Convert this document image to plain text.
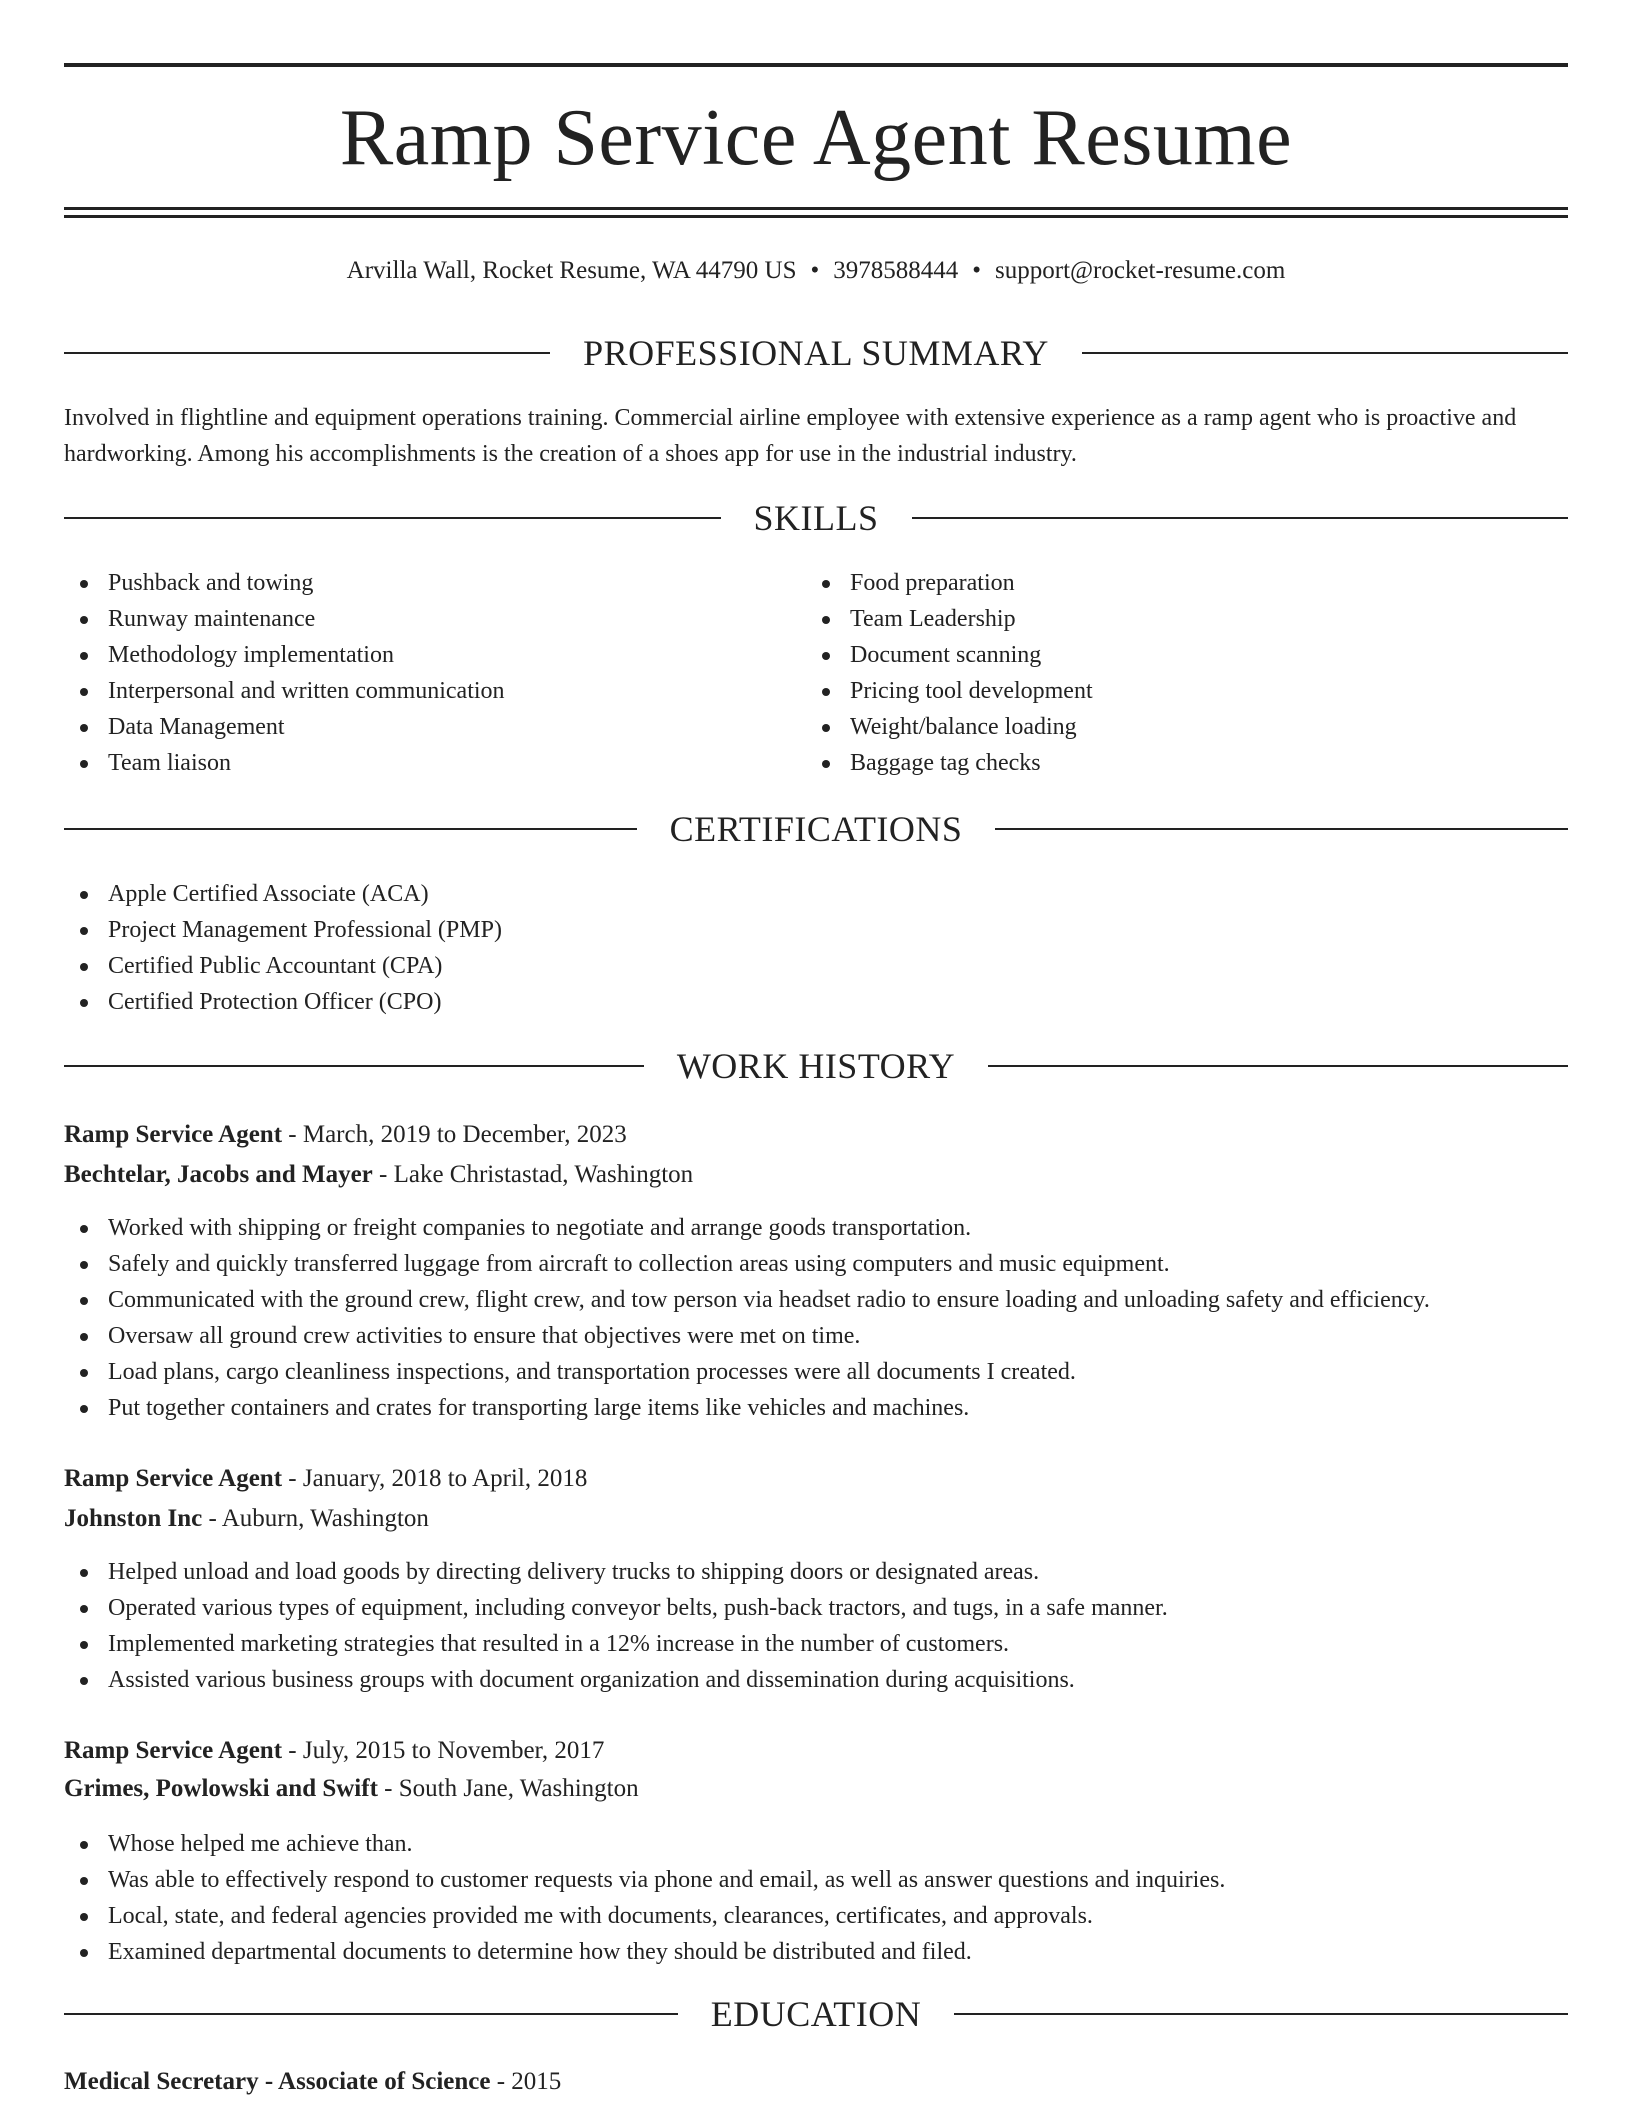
Ramp Service Agent Resume
Arvilla Wall, Rocket Resume, WA 44790 US • 3978588444 • support@rocket-resume.com
PROFESSIONAL SUMMARY

Involved in flightline and equipment operations training. Commercial airline employee with extensive experience as a ramp agent who is proactive and hardworking. Among his accomplishments is the creation of a shoes app for use in the industrial industry.

SKILLS
Pushback and towing
Runway maintenance
Methodology implementation
Interpersonal and written communication
Data Management
Team liaison
Food preparation
Team Leadership
Document scanning
Pricing tool development
Weight/balance loading
Baggage tag checks
CERTIFICATIONS
Apple Certified Associate (ACA)
Project Management Professional (PMP)
Certified Public Accountant (CPA)
Certified Protection Officer (CPO)
WORK HISTORY
Ramp Service Agent - March, 2019 to December, 2023
Bechtelar, Jacobs and Mayer - Lake Christastad, Washington
Worked with shipping or freight companies to negotiate and arrange goods transportation.
Safely and quickly transferred luggage from aircraft to collection areas using computers and music equipment.
Communicated with the ground crew, flight crew, and tow person via headset radio to ensure loading and unloading safety and efficiency.
Oversaw all ground crew activities to ensure that objectives were met on time.
Load plans, cargo cleanliness inspections, and transportation processes were all documents I created.
Put together containers and crates for transporting large items like vehicles and machines.
Ramp Service Agent - January, 2018 to April, 2018
Johnston Inc - Auburn, Washington
Helped unload and load goods by directing delivery trucks to shipping doors or designated areas.
Operated various types of equipment, including conveyor belts, push-back tractors, and tugs, in a safe manner.
Implemented marketing strategies that resulted in a 12% increase in the number of customers.
Assisted various business groups with document organization and dissemination during acquisitions.
Ramp Service Agent - July, 2015 to November, 2017
Grimes, Powlowski and Swift - South Jane, Washington
Whose helped me achieve than.
Was able to effectively respond to customer requests via phone and email, as well as answer questions and inquiries.
Local, state, and federal agencies provided me with documents, clearances, certificates, and approvals.
Examined departmental documents to determine how they should be distributed and filed.
EDUCATION
Medical Secretary - Associate of Science - 2015
